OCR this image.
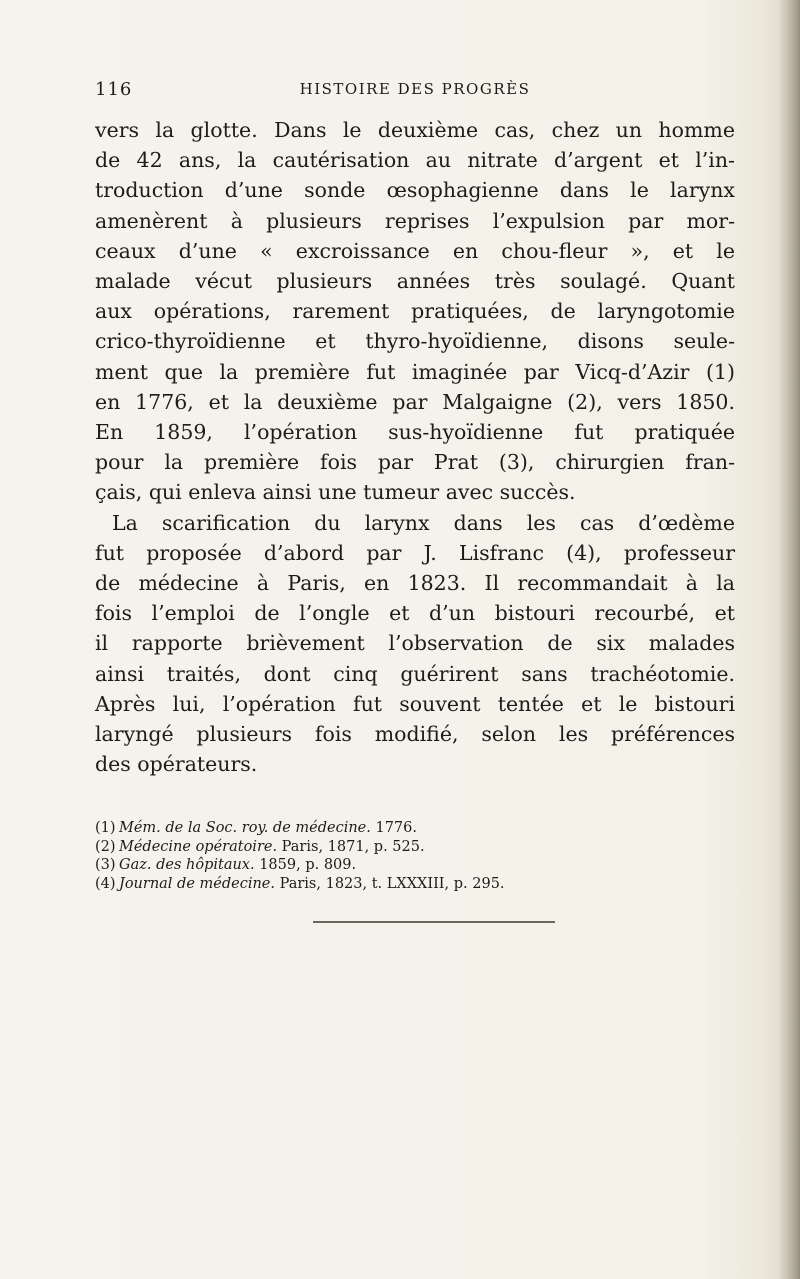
116	HISTOIRE DES PROGRÈS
vers la glotte. Dans le deuxième cas, chez un homme
de 42 ans, la cautérisation au nitrate d’argent et l’in-
troduction d’une sonde œsophagienne dans le larynx
amenèrent à plusieurs reprises l’expulsion par mor-
ceaux d’une « excroissance en chou-fleur », et le
malade vécut plusieurs années très soulagé. Quant
aux opérations, rarement pratiquées, de laryngotomie
crico-thyroïdienne et thyro-hyoïdienne, disons seule-
ment que la première fut imaginée par Vicq-d’Azir (1)
en 1776, et la deuxième par Malgaigne (2), vers 1850.
En 1859, l’opération sus-hyoïdienne fut pratiquée
pour la première fois par Prat (3), chirurgien fran-
çais, qui enleva ainsi une tumeur avec succès.
La scarification du larynx dans les cas d’œdème
fut proposée d’abord par J. Lisfranc (4), professeur
de médecine à Paris, en 1823. Il recommandait à la
fois l’emploi de l’ongle et d’un bistouri recourbé, et
il rapporte brièvement l’observation de six malades
ainsi traités, dont cinq guérirent sans trachéotomie.
Après lui, l’opération fut souvent tentée et le bistouri
laryngé plusieurs fois modifié, selon les préférences
des opérateurs.
(1) Mém. de la Soc. roy. de médecine. 1776.
(2) Médecine opératoire. Paris, 1871, p. 525.
(3) Gaz. des hôpitaux. 1859, p. 809.
(4) Journal de médecine. Paris, 1823, t. LXXXIII, p. 295.
